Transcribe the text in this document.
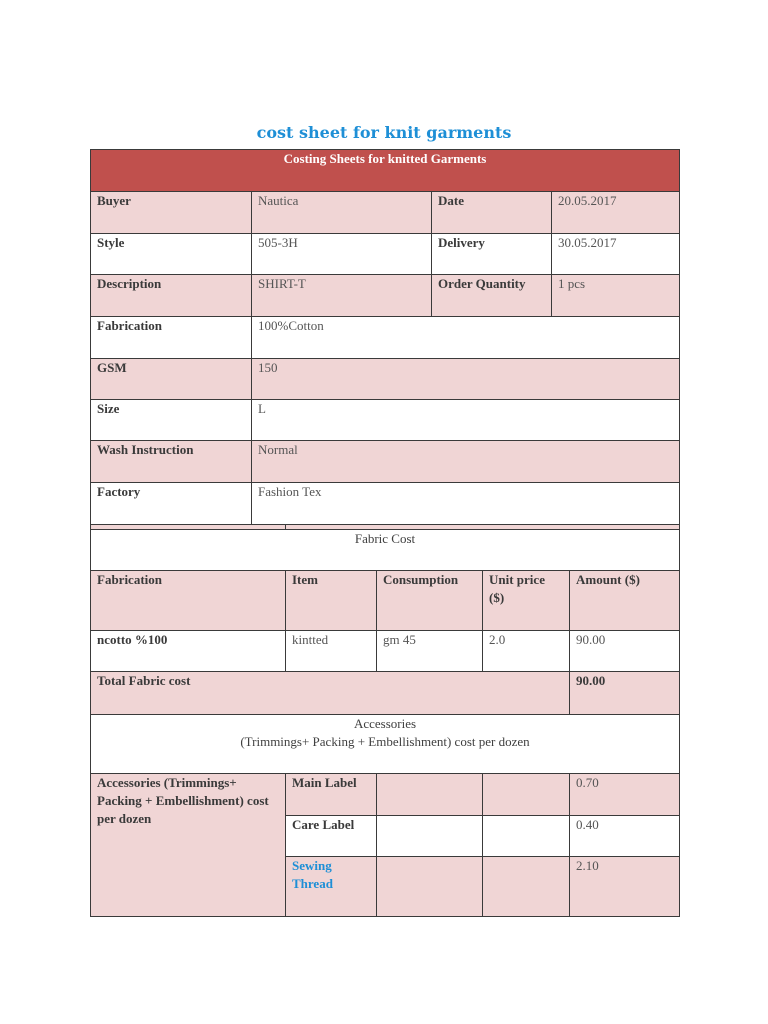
cost sheet for knit garments
Costing Sheets for knitted Garments			
Buyer	Nautica	Date	20.05.2017
Style	505-3H	Delivery	30.05.2017
Description	SHIRT-T	Order Quantity	1 pcs
Fabrication	100%Cotton		
GSM	150		
Size	L		
Wash Instruction	Normal		
Factory	Fashion Tex		

Fabric Cost				
Fabrication	Item	Consumption	Unit price ($)	Amount ($)
ncotto %100	kintted	gm 45	2.0	90.00
Total Fabric cost				90.00

Accessories
(Trimmings+ Packing + Embellishment) cost per dozen				

Accessories (Trimmings+ Packing + Embellishment) cost per dozen	Main Label			0.70
	Care Label			0.40
	Sewing Thread			2.10
